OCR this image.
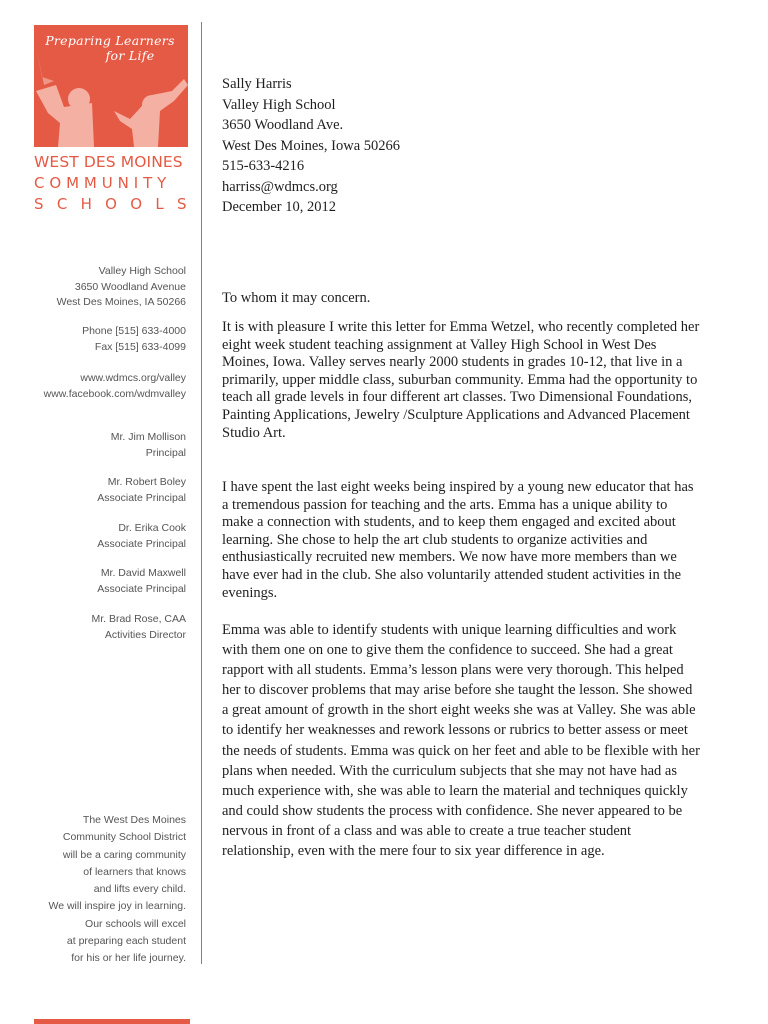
Preparing Learners
for Life
WEST DES MOINES
COMMUNITY
SCHOOLS
Valley High School
3650 Woodland Avenue
West Des Moines, IA 50266
Phone [515] 633-4000
Fax [515] 633-4099
www.wdmcs.org/valley
www.facebook.com/wdmvalley
Mr. Jim Mollison
Principal
Mr. Robert Boley
Associate Principal
Dr. Erika Cook
Associate Principal
Mr. David Maxwell
Associate Principal
Mr. Brad Rose, CAA
Activities Director
The West Des Moines
Community School District
will be a caring community
of learners that knows
and lifts every child.
We will inspire joy in learning.
Our schools will excel
at preparing each student
for his or her life journey.
Sally Harris
Valley High School
3650 Woodland Ave.
West Des Moines, Iowa 50266
515-633-4216
harriss@wdmcs.org
December 10, 2012
To whom it may concern.

It is with pleasure I write this letter for Emma Wetzel, who recently completed her eight week student teaching assignment at Valley High School in West Des Moines, Iowa. Valley serves nearly 2000 students in grades 10-12, that live in a primarily, upper middle class, suburban community. Emma had the opportunity to teach all grade levels in four different art classes. Two Dimensional Foundations, Painting Applications, Jewelry /Sculpture Applications and Advanced Placement Studio Art.

I have spent the last eight weeks being inspired by a young new educator that has a tremendous passion for teaching and the arts. Emma has a unique ability to make a connection with students, and to keep them engaged and excited about learning. She chose to help the art club students to organize activities and enthusiastically recruited new members. We now have more members than we have ever had in the club. She also voluntarily attended student activities in the evenings.

Emma was able to identify students with unique learning difficulties and work with them one on one to give them the confidence to succeed. She had a great rapport with all students. Emma’s lesson plans were very thorough. This helped her to discover problems that may arise before she taught the lesson. She showed a great amount of growth in the short eight weeks she was at Valley. She was able to identify her weaknesses and rework lessons or rubrics to better assess or meet the needs of students. Emma was quick on her feet and able to be flexible with her plans when needed. With the curriculum subjects that she may not have had as much experience with, she was able to learn the material and techniques quickly and could show students the process with confidence. She never appeared to be nervous in front of a class and was able to create a true teacher student relationship, even with the mere four to six year difference in age.
